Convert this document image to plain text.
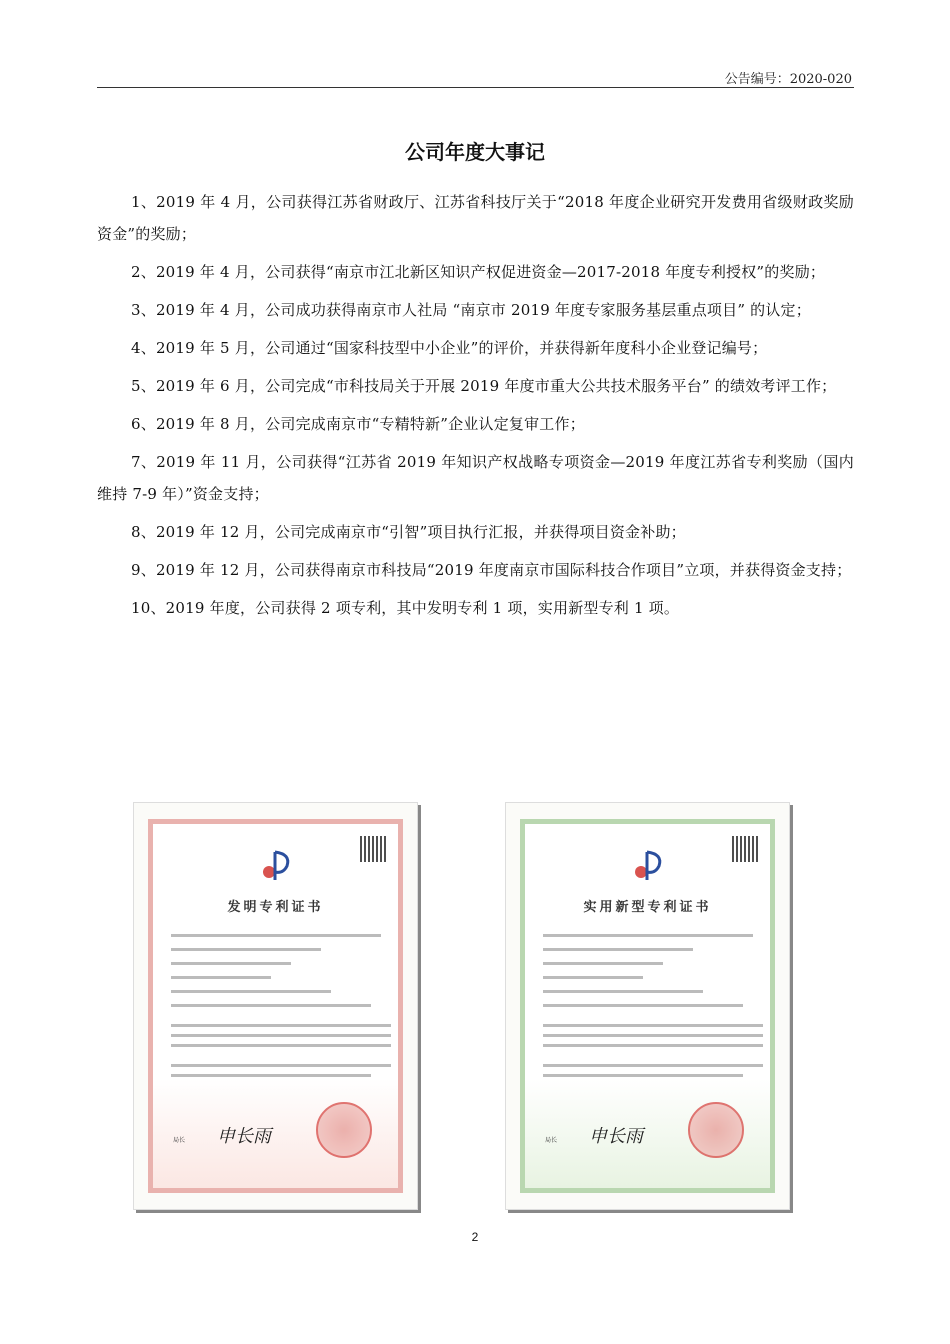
公告编号：2020-020
公司年度大事记

1、2019 年 4 月，公司获得江苏省财政厅、江苏省科技厅关于“2018 年度企业研究开发费用省级财政奖励资金”的奖励；

2、2019 年 4 月，公司获得“南京市江北新区知识产权促进资金—2017-2018 年度专利授权”的奖励；

3、2019 年 4 月，公司成功获得南京市人社局 “南京市 2019 年度专家服务基层重点项目” 的认定；

4、2019 年 5 月，公司通过“国家科技型中小企业”的评价，并获得新年度科小企业登记编号；

5、2019 年 6 月，公司完成“市科技局关于开展 2019 年度市重大公共技术服务平台” 的绩效考评工作；

6、2019 年 8 月，公司完成南京市“专精特新”企业认定复审工作；

7、2019 年 11 月，公司获得“江苏省 2019 年知识产权战略专项资金—2019 年度江苏省专利奖励（国内维持 7-9 年）”资金支持；

8、2019 年 12 月，公司完成南京市“引智”项目执行汇报，并获得项目资金补助；

9、2019 年 12 月，公司获得南京市科技局“2019 年度南京市国际科技合作项目”立项，并获得资金支持；

10、2019 年度，公司获得 2 项专利，其中发明专利 1 项，实用新型专利 1 项。

发明专利证书
局长 申长雨
实用新型专利证书
局长 申长雨
2
